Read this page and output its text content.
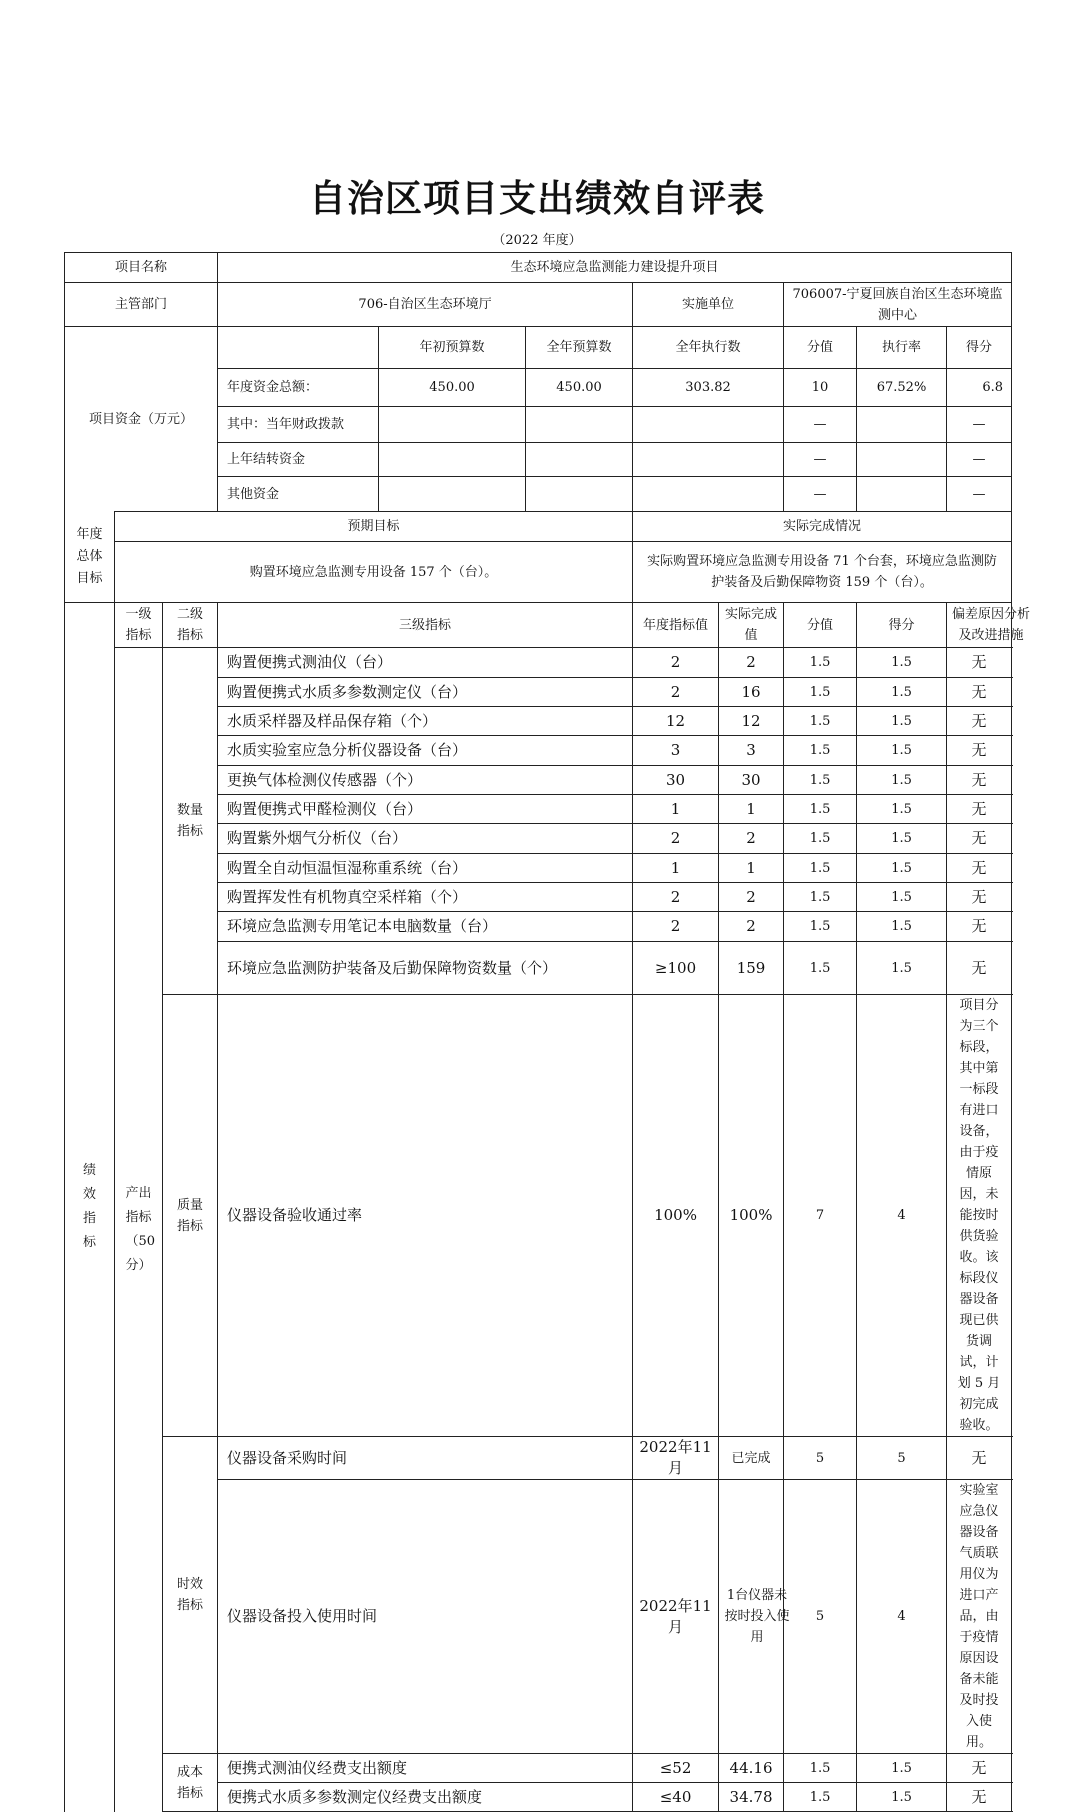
自治区项目支出绩效自评表
（2022 年度）
项目名称			生态环境应急监测能力建设提升项目							
主管部门			706-自治区生态环境厅			实施单位		706007-宁夏回族自治区生态环境监测中心		
项目资金（万元）				年初预算数	全年预算数	全年执行数		分值	执行率	得分
			年度资金总额：	450.00	450.00	303.82		10	67.52%	6.8
			其中：当年财政拨款					—		—
			上年结转资金					—		—
			其他资金					—		—

年度总体目标	预期目标					实际完成情况				
	购置环境应急监测专用设备 157 个（台）。					实际购置环境应急监测专用设备 71 个台套，环境应急监测防护装备及后勤保障物资 159 个（台）。				

绩效指标	一级指标	二级指标	三级指标			年度指标值	实际完成值	分值	得分	偏差原因分析及改进措施

	产出指标（50分）	数量指标	购置便携式测油仪（台）			2	2	1.5	1.5	无
			购置便携式水质多参数测定仪（台）			2	16	1.5	1.5	无
			水质采样器及样品保存箱（个）			12	12	1.5	1.5	无
			水质实验室应急分析仪器设备（台）			3	3	1.5	1.5	无
			更换气体检测仪传感器（个）			30	30	1.5	1.5	无
			购置便携式甲醛检测仪（台）			1	1	1.5	1.5	无
			购置紫外烟气分析仪（台）			2	2	1.5	1.5	无
			购置全自动恒温恒湿称重系统（台）			1	1	1.5	1.5	无
			购置挥发性有机物真空采样箱（个）			2	2	1.5	1.5	无
			环境应急监测专用笔记本电脑数量（台）			2	2	1.5	1.5	无
			环境应急监测防护装备及后勤保障物资数量（个）			≥100	159	1.5	1.5	无

		质量指标	仪器设备验收通过率			100%	100%	7	4	项目分为三个标段，其中第一标段有进口设备，由于疫情原因，未能按时供货验收。该标段仪器设备现已供货调试，计划 5 月初完成验收。

		时效指标	仪器设备采购时间			2022年11月	已完成	5	5	无
			仪器设备投入使用时间			2022年11月	1台仪器未按时投入使用	5	4	实验室应急仪器设备气质联用仪为进口产品，由于疫情原因设备未能及时投入使用。

		成本指标	便携式测油仪经费支出额度			≤52	44.16	1.5	1.5	无
			便携式水质多参数测定仪经费支出额度			≤40	34.78	1.5	1.5	无
